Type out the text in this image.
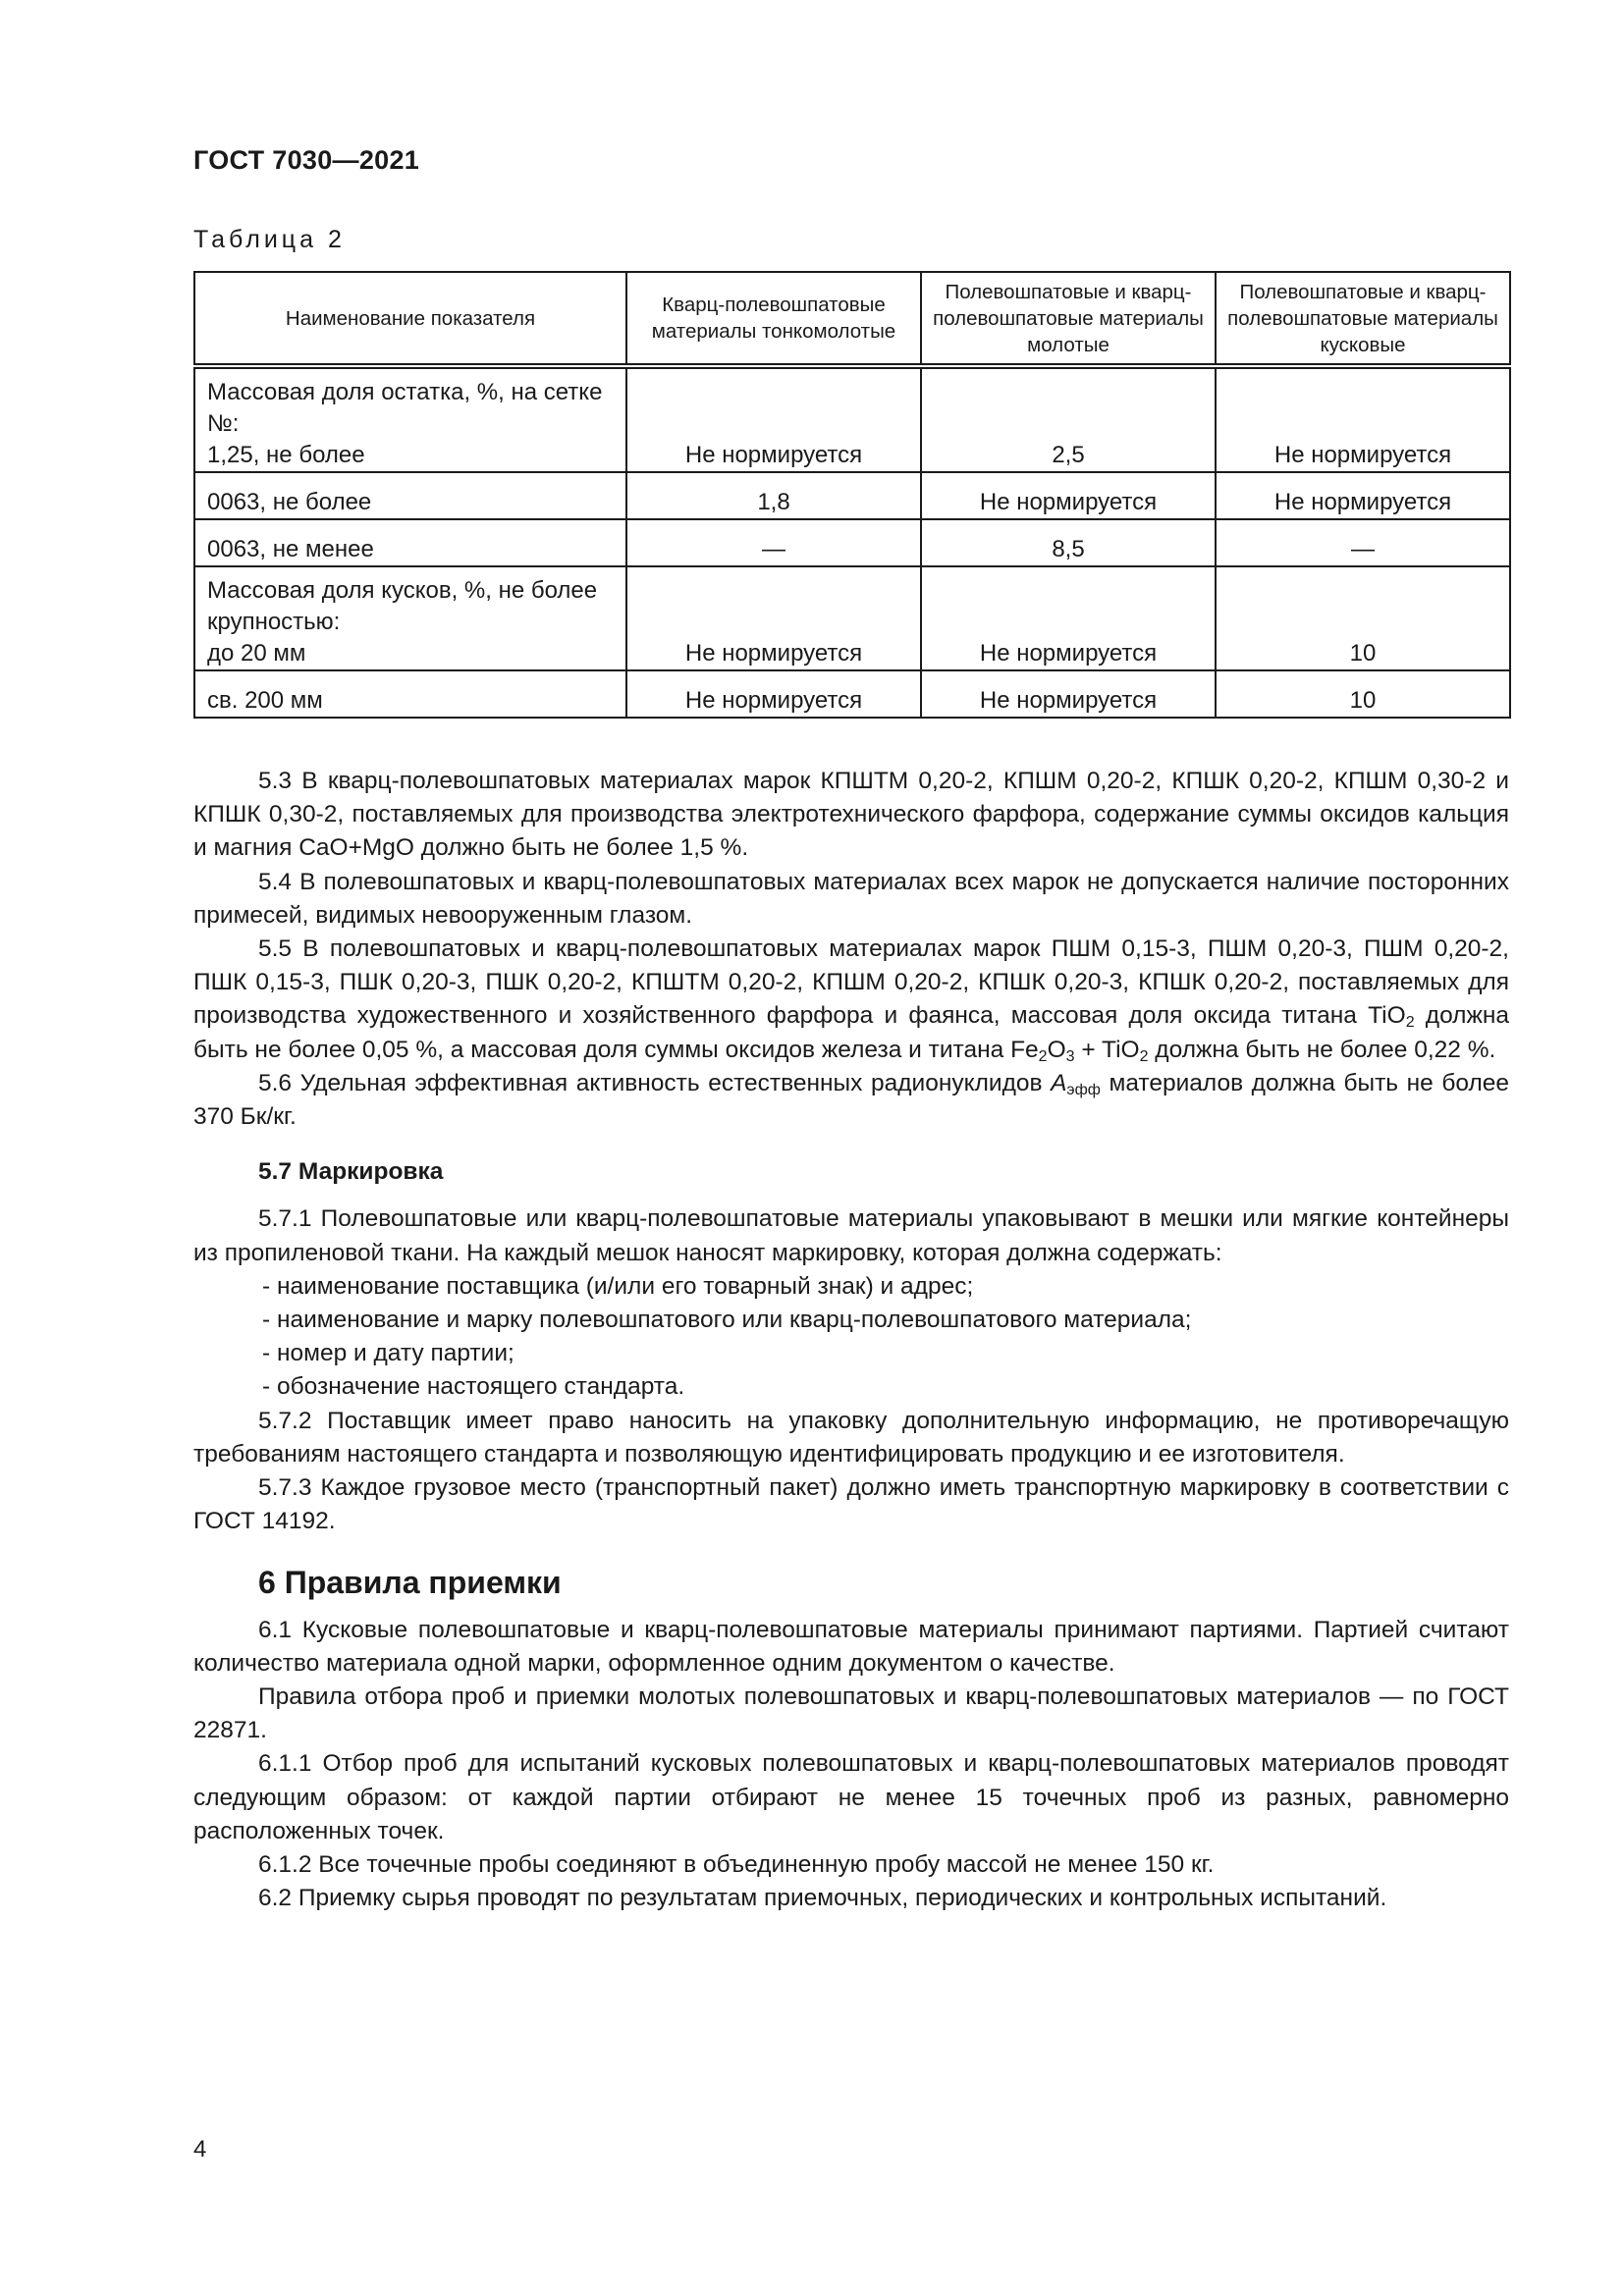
ГОСТ 7030—2021
Таблица 2
Наименование показателя	Кварц-полевошпатовые материалы тонкомолотые	Полевошпатовые и кварц-полевошпатовые материалы молотые	Полевошпатовые и кварц-полевошпатовые материалы кусковые

Массовая доля остатка, %, на сетке №:
1,25, не более	Не нормируется	2,5	Не нормируется
0063, не более	1,8	Не нормируется	Не нормируется
0063, не менее	—	8,5	—

Массовая доля кусков, %, не более крупностью:
до 20 мм	Не нормируется	Не нормируется	10
св. 200 мм	Не нормируется	Не нормируется	10

5.3 В кварц-полевошпатовых материалах марок КПШТМ 0,20-2, КПШМ 0,20-2, КПШК 0,20-2, КПШМ 0,30-2 и КПШК 0,30-2, поставляемых для производства электротехнического фарфора, содержание суммы оксидов кальция и магния CaO+MgO должно быть не более 1,5 %.

5.4 В полевошпатовых и кварц-полевошпатовых материалах всех марок не допускается наличие посторонних примесей, видимых невооруженным глазом.

5.5 В полевошпатовых и кварц-полевошпатовых материалах марок ПШМ 0,15-3, ПШМ 0,20-3, ПШМ 0,20-2, ПШК 0,15-3, ПШК 0,20-3, ПШК 0,20-2, КПШТМ 0,20-2, КПШМ 0,20-2, КПШК 0,20-3, КПШК 0,20-2, поставляемых для производства художественного и хозяйственного фарфора и фаянса, массовая доля оксида титана TiO$_2$ должна быть не более 0,05 %, а массовая доля суммы оксидов железа и титана $Fe_2O_3 + TiO_2$ должна быть не более 0,22 %.

5.6 Удельная эффективная активность естественных радионуклидов $A_{эфф}$ материалов должна быть не более 370 Бк/кг.

5.7 Маркировка

5.7.1 Полевошпатовые или кварц-полевошпатовые материалы упаковывают в мешки или мягкие контейнеры из пропиленовой ткани. На каждый мешок наносят маркировку, которая должна содержать:

- наименование поставщика (и/или его товарный знак) и адрес;

- наименование и марку полевошпатового или кварц-полевошпатового материала;

- номер и дату партии;

- обозначение настоящего стандарта.

5.7.2 Поставщик имеет право наносить на упаковку дополнительную информацию, не противоречащую требованиям настоящего стандарта и позволяющую идентифицировать продукцию и ее изготовителя.

5.7.3 Каждое грузовое место (транспортный пакет) должно иметь транспортную маркировку в соответствии с ГОСТ 14192.

6 Правила приемки

6.1 Кусковые полевошпатовые и кварц-полевошпатовые материалы принимают партиями. Партией считают количество материала одной марки, оформленное одним документом о качестве.

Правила отбора проб и приемки молотых полевошпатовых и кварц-полевошпатовых материалов — по ГОСТ 22871.

6.1.1 Отбор проб для испытаний кусковых полевошпатовых и кварц-полевошпатовых материалов проводят следующим образом: от каждой партии отбирают не менее 15 точечных проб из разных, равномерно расположенных точек.

6.1.2 Все точечные пробы соединяют в объединенную пробу массой не менее 150 кг.

6.2 Приемку сырья проводят по результатам приемочных, периодических и контрольных испытаний.

4
